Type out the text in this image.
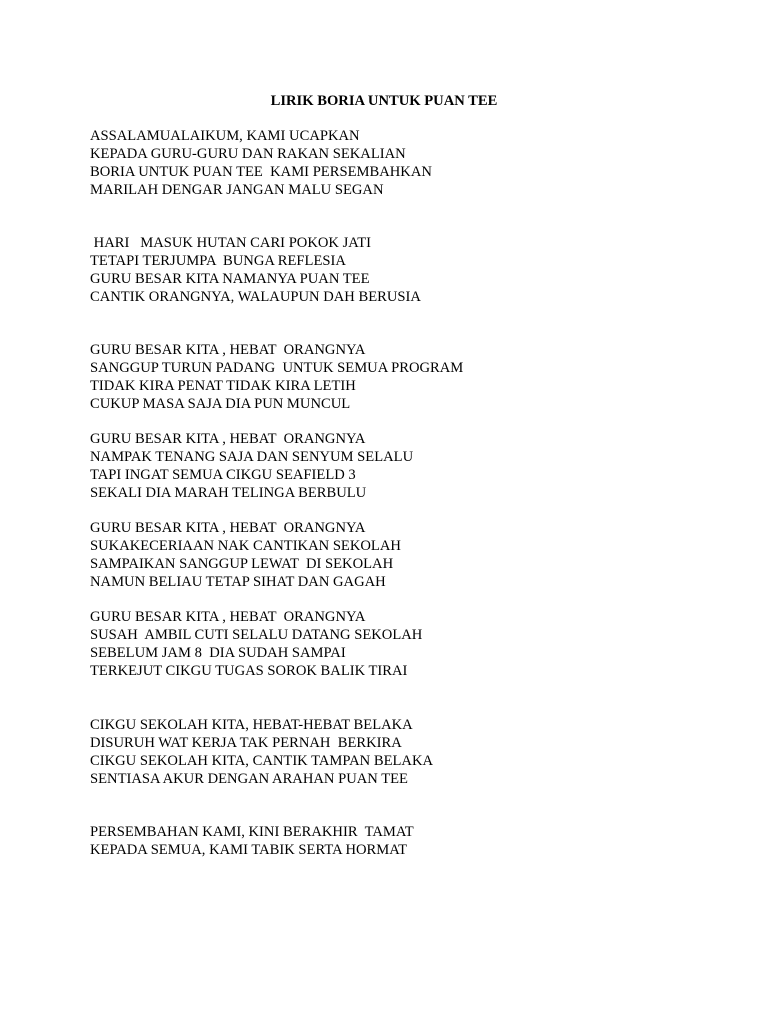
LIRIK BORIA UNTUK PUAN TEE
ASSALAMUALAIKUM, KAMI UCAPKAN
KEPADA GURU-GURU DAN RAKAN SEKALIAN
BORIA UNTUK PUAN TEE  KAMI PERSEMBAHKAN
MARILAH DENGAR JANGAN MALU SEGAN
HARI   MASUK HUTAN CARI POKOK JATI
TETAPI TERJUMPA  BUNGA REFLESIA
GURU BESAR KITA NAMANYA PUAN TEE
CANTIK ORANGNYA, WALAUPUN DAH BERUSIA
GURU BESAR KITA , HEBAT  ORANGNYA
SANGGUP TURUN PADANG  UNTUK SEMUA PROGRAM
TIDAK KIRA PENAT TIDAK KIRA LETIH
CUKUP MASA SAJA DIA PUN MUNCUL
GURU BESAR KITA , HEBAT  ORANGNYA
NAMPAK TENANG SAJA DAN SENYUM SELALU
TAPI INGAT SEMUA CIKGU SEAFIELD 3
SEKALI DIA MARAH TELINGA BERBULU
GURU BESAR KITA , HEBAT  ORANGNYA
SUKAKECERIAAN NAK CANTIKAN SEKOLAH
SAMPAIKAN SANGGUP LEWAT  DI SEKOLAH
NAMUN BELIAU TETAP SIHAT DAN GAGAH
GURU BESAR KITA , HEBAT  ORANGNYA
SUSAH  AMBIL CUTI SELALU DATANG SEKOLAH
SEBELUM JAM 8  DIA SUDAH SAMPAI
TERKEJUT CIKGU TUGAS SOROK BALIK TIRAI
CIKGU SEKOLAH KITA, HEBAT-HEBAT BELAKA
DISURUH WAT KERJA TAK PERNAH  BERKIRA
CIKGU SEKOLAH KITA, CANTIK TAMPAN BELAKA
SENTIASA AKUR DENGAN ARAHAN PUAN TEE
PERSEMBAHAN KAMI, KINI BERAKHIR  TAMAT
KEPADA SEMUA, KAMI TABIK SERTA HORMAT
